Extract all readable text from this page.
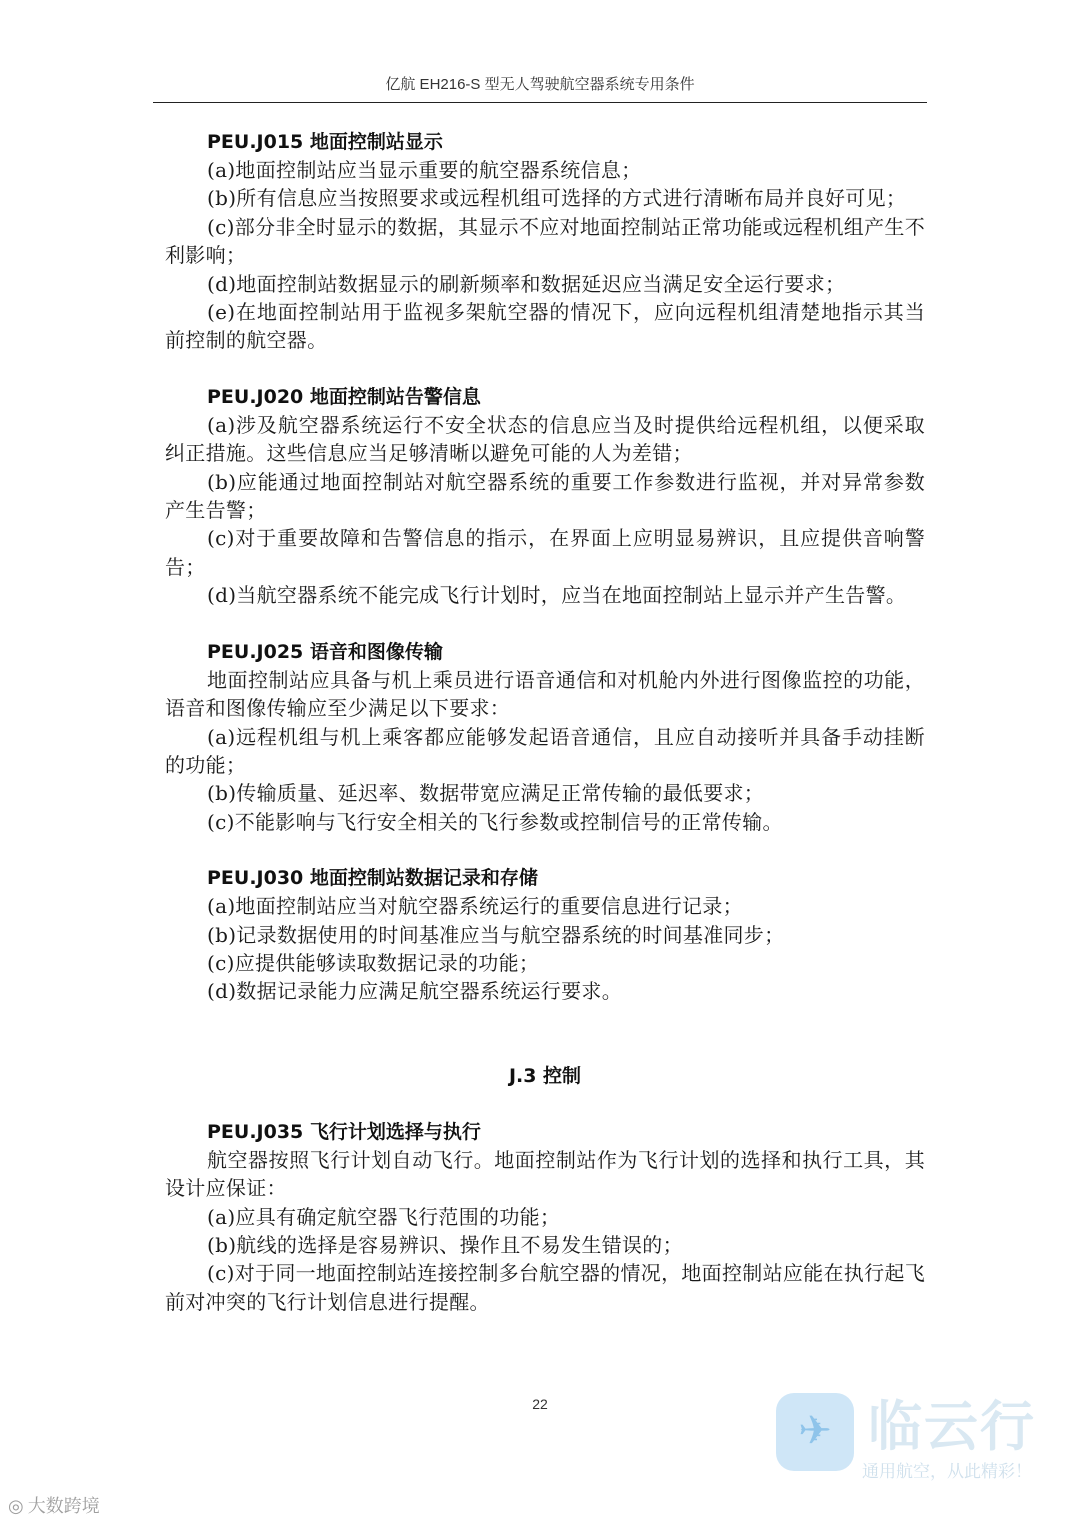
亿航 EH216-S 型无人驾驶航空器系统专用条件

PEU.J015 地面控制站显示

(a)地面控制站应当显示重要的航空器系统信息；

(b)所有信息应当按照要求或远程机组可选择的方式进行清晰布局并良好可见；

(c)部分非全时显示的数据，其显示不应对地面控制站正常功能或远程机组产生不利影响；

(d)地面控制站数据显示的刷新频率和数据延迟应当满足安全运行要求；

(e)在地面控制站用于监视多架航空器的情况下，应向远程机组清楚地指示其当前控制的航空器。

PEU.J020 地面控制站告警信息

(a)涉及航空器系统运行不安全状态的信息应当及时提供给远程机组，以便采取纠正措施。这些信息应当足够清晰以避免可能的人为差错；

(b)应能通过地面控制站对航空器系统的重要工作参数进行监视，并对异常参数产生告警；

(c)对于重要故障和告警信息的指示，在界面上应明显易辨识，且应提供音响警告；

(d)当航空器系统不能完成飞行计划时，应当在地面控制站上显示并产生告警。

PEU.J025 语音和图像传输

地面控制站应具备与机上乘员进行语音通信和对机舱内外进行图像监控的功能，语音和图像传输应至少满足以下要求：

(a)远程机组与机上乘客都应能够发起语音通信，且应自动接听并具备手动挂断的功能；

(b)传输质量、延迟率、数据带宽应满足正常传输的最低要求；

(c)不能影响与飞行安全相关的飞行参数或控制信号的正常传输。

PEU.J030 地面控制站数据记录和存储

(a)地面控制站应当对航空器系统运行的重要信息进行记录；

(b)记录数据使用的时间基准应当与航空器系统的时间基准同步；

(c)应提供能够读取数据记录的功能；

(d)数据记录能力应满足航空器系统运行要求。

J.3 控制

PEU.J035 飞行计划选择与执行

航空器按照飞行计划自动飞行。地面控制站作为飞行计划的选择和执行工具，其设计应保证：

(a)应具有确定航空器飞行范围的功能；

(b)航线的选择是容易辨识、操作且不易发生错误的；

(c)对于同一地面控制站连接控制多台航空器的情况，地面控制站应能在执行起飞前对冲突的飞行计划信息进行提醒。

22
✈ 临云行
通用航空，从此精彩！
◎ 大数跨境
